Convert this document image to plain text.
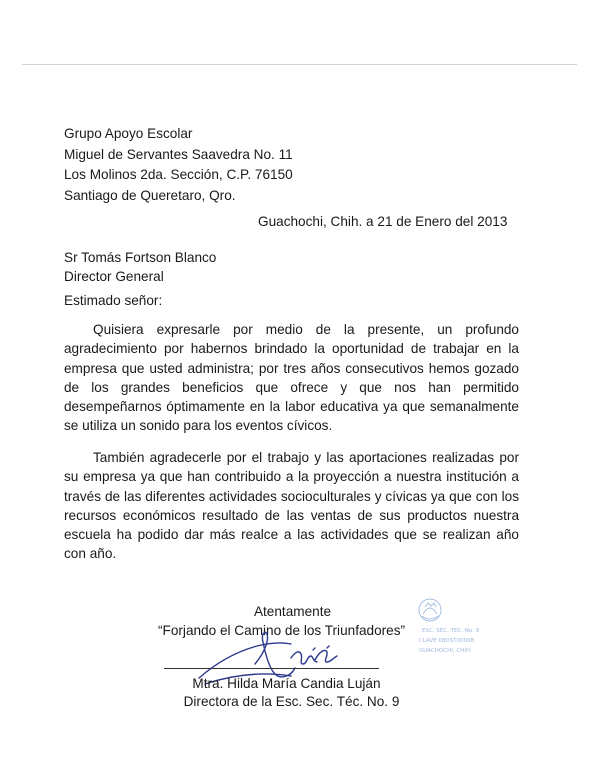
Grupo Apoyo Escolar
Miguel de Servantes Saavedra No. 11
Los Molinos 2da. Sección, C.P. 76150
Santiago de Queretaro, Qro.
Guachochi, Chih. a 21 de Enero del 2013
Sr Tomás Fortson Blanco
Director General
Estimado señor:

Quisiera expresarle por medio de la presente, un profundo agradecimiento por habernos brindado la oportunidad de trabajar en la empresa que usted administra; por tres años consecutivos hemos gozado de los grandes beneficios que ofrece y que nos han permitido desempeñarnos óptimamente en la labor educativa ya que semanalmente se utiliza un sonido para los eventos cívicos.

También agradecerle por el trabajo y las aportaciones realizadas por su empresa ya que han contribuido a la proyección a nuestra institución a través de las diferentes actividades socioculturales y cívicas ya que con los recursos económicos resultado de las ventas de sus productos nuestra escuela ha podido dar más realce a las actividades que se realizan año con año.

ESC. SEC. TEC. No. 9
CLAVE 08DST0009B
GUACHOCHI, CHIH.
Atentamente
“Forjando el Camino de los Triunfadores”
Mtra. Hilda María Candia Luján
Directora de la Esc. Sec. Téc. No. 9
